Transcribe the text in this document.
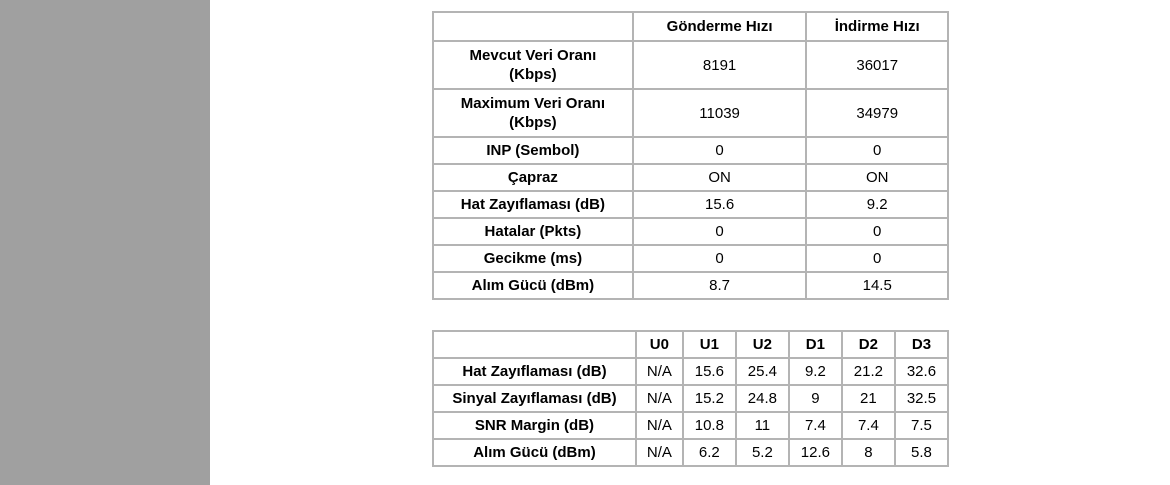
	Gönderme Hızı	İndirme Hızı
Mevcut Veri Oranı
(Kbps)	8191	36017
Maximum Veri Oranı
(Kbps)	11039	34979
INP (Sembol)	0	0
Çapraz	ON	ON
Hat Zayıflaması (dB)	15.6	9.2
Hatalar (Pkts)	0	0
Gecikme (ms)	0	0
Alım Gücü (dBm)	8.7	14.5
	U0	U1	U2	D1	D2	D3
Hat Zayıflaması (dB)	N/A	15.6	25.4	9.2	21.2	32.6
Sinyal Zayıflaması (dB)	N/A	15.2	24.8	9	21	32.5
SNR Margin (dB)	N/A	10.8	11	7.4	7.4	7.5
Alım Gücü (dBm)	N/A	6.2	5.2	12.6	8	5.8
